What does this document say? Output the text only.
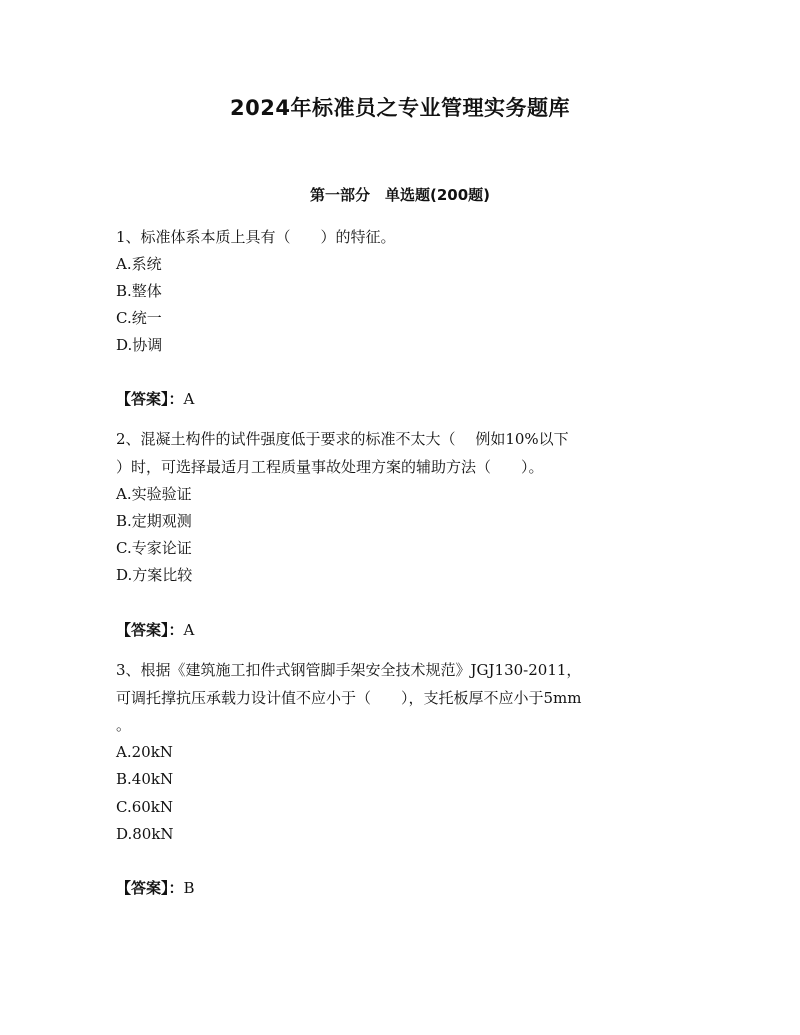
2024年标准员之专业管理实务题库
第一部分　单选题(200题)
1、标准体系本质上具有（　　）的特征。
A.系统
B.整体
C.统一
D.协调
【答案】：A
2、混凝土构件的试件强度低于要求的标准不太大（　 例如10%以下
）时，可选择最适月工程质量事故处理方案的辅助方法（　　）。
A.实验验证
B.定期观测
C.专家论证
D.方案比较
【答案】：A
3、根据《建筑施工扣件式钢管脚手架安全技术规范》JGJ130-2011，
可调托撑抗压承载力设计值不应小于（　　），支托板厚不应小于5mm
。
A.20kN
B.40kN
C.60kN
D.80kN
【答案】：B
